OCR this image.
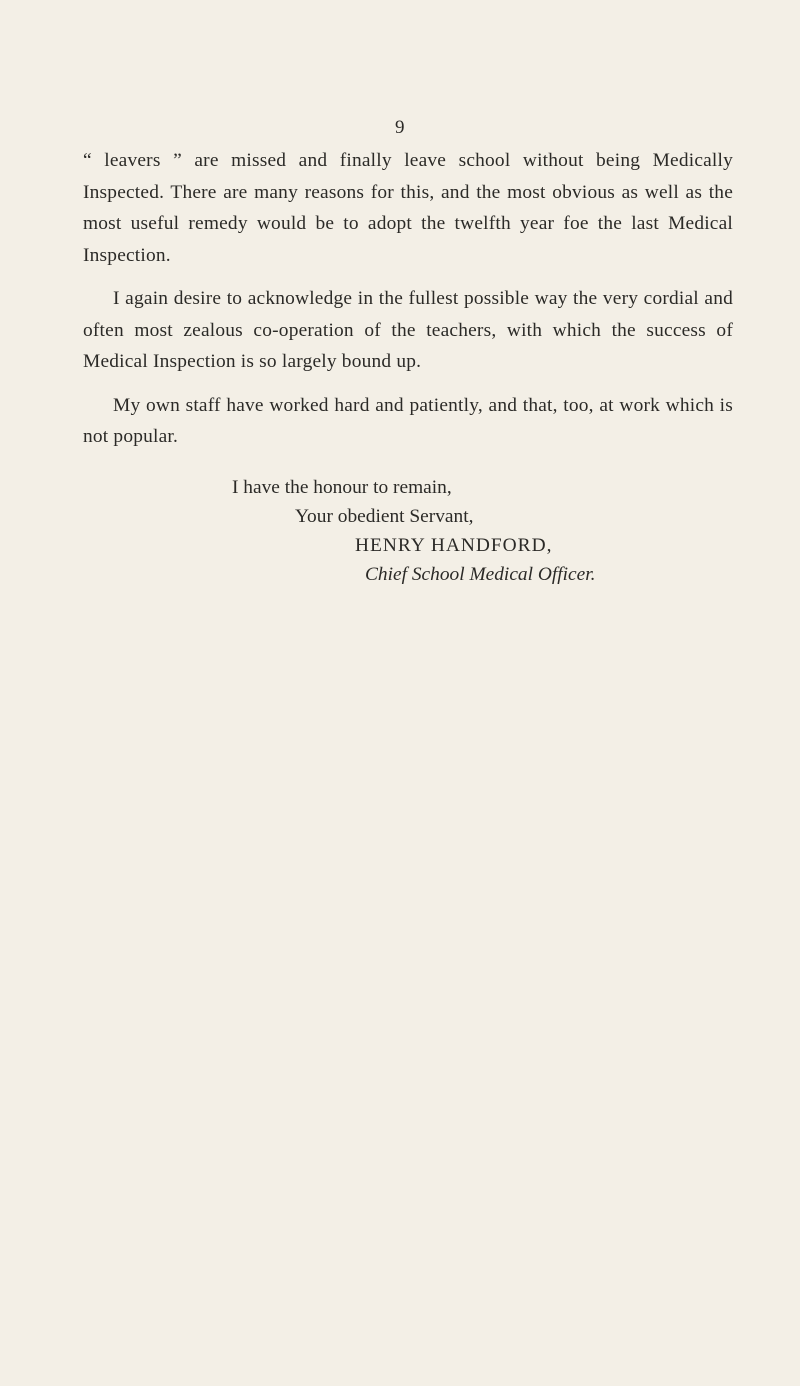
9

“ leavers ” are missed and finally leave school without being Medically Inspected. There are many reasons for this, and the most obvious as well as the most useful remedy would be to adopt the twelfth year foe the last Medical Inspection.

I again desire to acknowledge in the fullest possible way the very cordial and often most zealous co-operation of the teachers, with which the success of Medical Inspection is so largely bound up.

My own staff have worked hard and patiently, and that, too, at work which is not popular.

I have the honour to remain,
Your obedient Servant,
HENRY HANDFORD,
Chief School Medical Officer.
